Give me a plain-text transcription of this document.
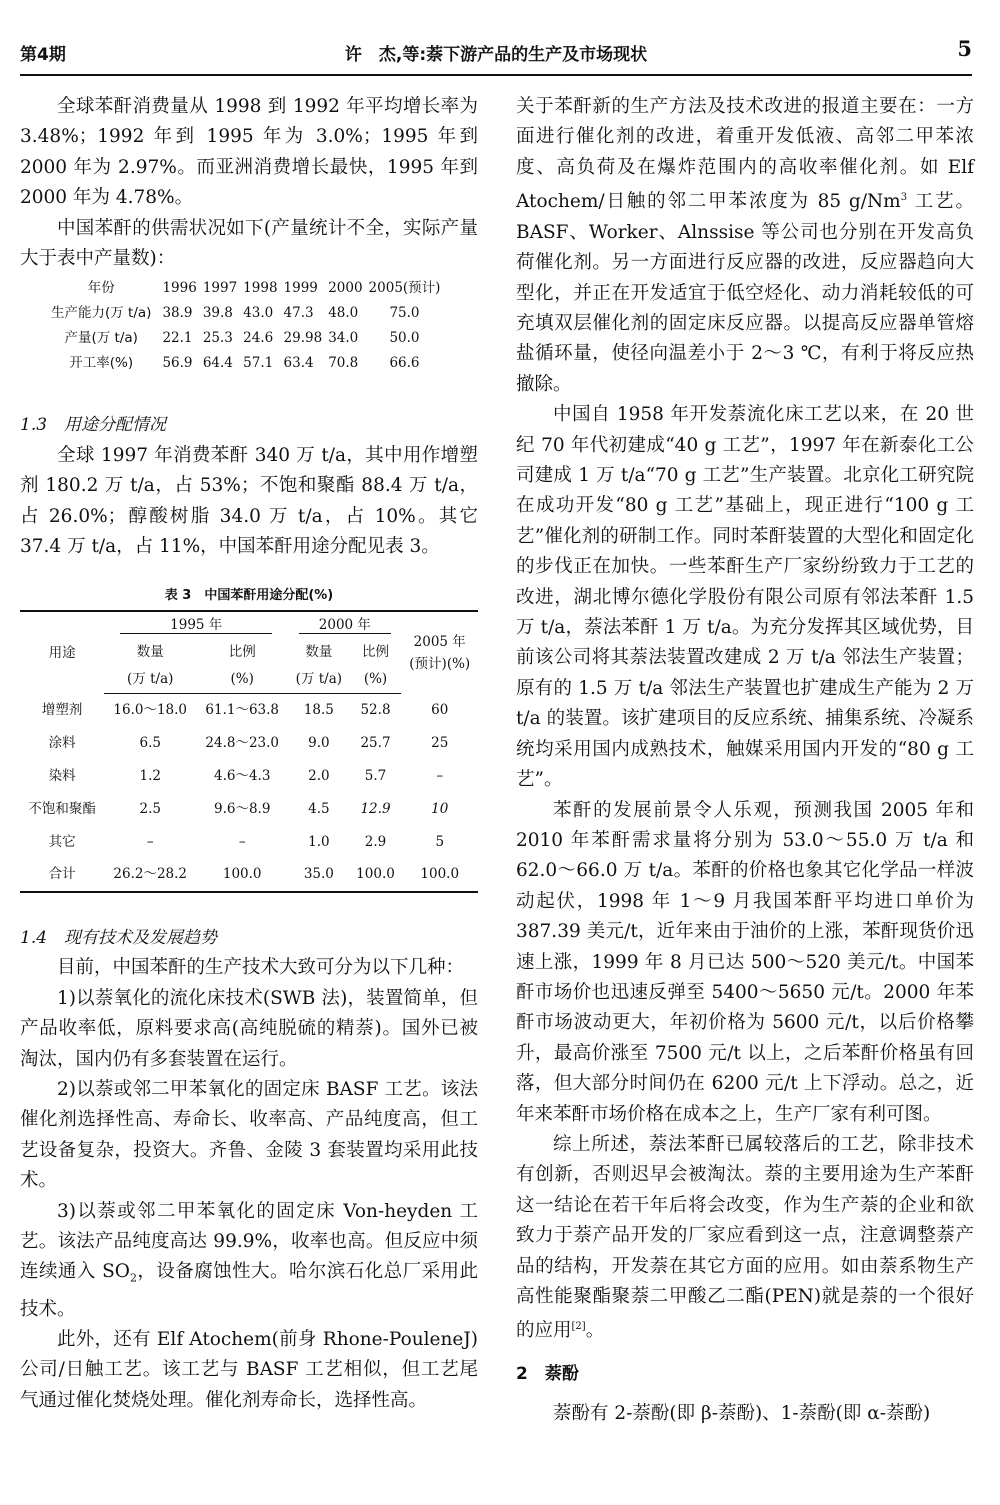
第4期	许　杰,等:萘下游产品的生产及市场现状	5

全球苯酐消费量从 1998 到 1992 年平均增长率为 3.48%；1992 年到 1995 年为 3.0%；1995 年到 2000 年为 2.97%。而亚洲消费增长最快，1995 年到 2000 年为 4.78%。

中国苯酐的供需状况如下(产量统计不全，实际产量大于表中产量数)：

年份	1996	1997	1998	1999	2000	2005(预计)
生产能力(万 t/a)	38.9	39.8	43.0	47.3	48.0	75.0
产量(万 t/a)	22.1	25.3	24.6	29.98	34.0	50.0
开工率(%)	56.9	64.4	57.1	63.4	70.8	66.6

1.3　用途分配情况

全球 1997 年消费苯酐 340 万 t/a，其中用作增塑剂 180.2 万 t/a，占 53%；不饱和聚酯 88.4 万 t/a，占 26.0%；醇酸树脂 34.0 万 t/a，占 10%。其它 37.4 万 t/a，占 11%，中国苯酐用途分配见表 3。

表 3　中国苯酐用途分配(%)

用途	1995 年		2000 年		2005 年
(预计)(%)

	数量	比例	数量	比例	
	(万 t/a)	(%)	(万 t/a)	(%)	
增塑剂	16.0～18.0	61.1～63.8	18.5	52.8	60
涂料	6.5	24.8～23.0	9.0	25.7	25
染料	1.2	4.6～4.3	2.0	5.7	–
不饱和聚酯	2.5	9.6～8.9	4.5	12.9	10
其它	–	–	1.0	2.9	5
合计	26.2～28.2	100.0	35.0	100.0	100.0

1.4　现有技术及发展趋势

目前，中国苯酐的生产技术大致可分为以下几种：

1)以萘氧化的流化床技术(SWB 法)，装置简单，但产品收率低，原料要求高(高纯脱硫的精萘)。国外已被淘汰，国内仍有多套装置在运行。

2)以萘或邻二甲苯氧化的固定床 BASF 工艺。该法催化剂选择性高、寿命长、收率高、产品纯度高，但工艺设备复杂，投资大。齐鲁、金陵 3 套装置均采用此技术。

3)以萘或邻二甲苯氧化的固定床 Von-heyden 工艺。该法产品纯度高达 99.9%，收率也高。但反应中须连续通入 $SO_2$，设备腐蚀性大。哈尔滨石化总厂采用此技术。

此外，还有 Elf Atochem(前身 Rhone-PouleneJ)公司/日触工艺。该工艺与 BASF 工艺相似，但工艺尾气通过催化焚烧处理。催化剂寿命长，选择性高。

关于苯酐新的生产方法及技术改进的报道主要在：一方面进行催化剂的改进，着重开发低液、高邻二甲苯浓度、高负荷及在爆炸范围内的高收率催化剂。如 Elf Atochem/日触的邻二甲苯浓度为 85 g/Nm$^3$ 工艺。BASF、Worker、Alnssise 等公司也分别在开发高负荷催化剂。另一方面进行反应器的改进，反应器趋向大型化，并正在开发适宜于低空烃化、动力消耗较低的可充填双层催化剂的固定床反应器。以提高反应器单管熔盐循环量，使径向温差小于 2～3 ℃，有利于将反应热撤除。

中国自 1958 年开发萘流化床工艺以来，在 20 世纪 70 年代初建成“40 g 工艺”，1997 年在新泰化工公司建成 1 万 t/a“70 g 工艺”生产装置。北京化工研究院在成功开发“80 g 工艺”基础上，现正进行“100 g 工艺”催化剂的研制工作。同时苯酐装置的大型化和固定化的步伐正在加快。一些苯酐生产厂家纷纷致力于工艺的改进，湖北博尔德化学股份有限公司原有邻法苯酐 1.5 万 t/a，萘法苯酐 1 万 t/a。为充分发挥其区域优势，目前该公司将其萘法装置改建成 2 万 t/a 邻法生产装置；原有的 1.5 万 t/a 邻法生产装置也扩建成生产能为 2 万 t/a 的装置。该扩建项目的反应系统、捕集系统、冷凝系统均采用国内成熟技术，触媒采用国内开发的“80 g 工艺”。

苯酐的发展前景令人乐观，预测我国 2005 年和 2010 年苯酐需求量将分别为 53.0～55.0 万 t/a 和 62.0～66.0 万 t/a。苯酐的价格也象其它化学品一样波动起伏，1998 年 1～9 月我国苯酐平均进口单价为 387.39 美元/t，近年来由于油价的上涨，苯酐现货价迅速上涨，1999 年 8 月已达 500～520 美元/t。中国苯酐市场价也迅速反弹至 5400～5650 元/t。2000 年苯酐市场波动更大，年初价格为 5600 元/t，以后价格攀升，最高价涨至 7500 元/t 以上，之后苯酐价格虽有回落，但大部分时间仍在 6200 元/t 上下浮动。总之，近年来苯酐市场价格在成本之上，生产厂家有利可图。

综上所述，萘法苯酐已属较落后的工艺，除非技术有创新，否则迟早会被淘汰。萘的主要用途为生产苯酐这一结论在若干年后将会改变，作为生产萘的企业和欲致力于萘产品开发的厂家应看到这一点，注意调整萘产品的结构，开发萘在其它方面的应用。如由萘系物生产高性能聚酯聚萘二甲酸乙二酯(PEN)就是萘的一个很好的应用[2]。

2　萘酚

萘酚有 2-萘酚(即 β-萘酚)、1-萘酚(即 α-萘酚)
